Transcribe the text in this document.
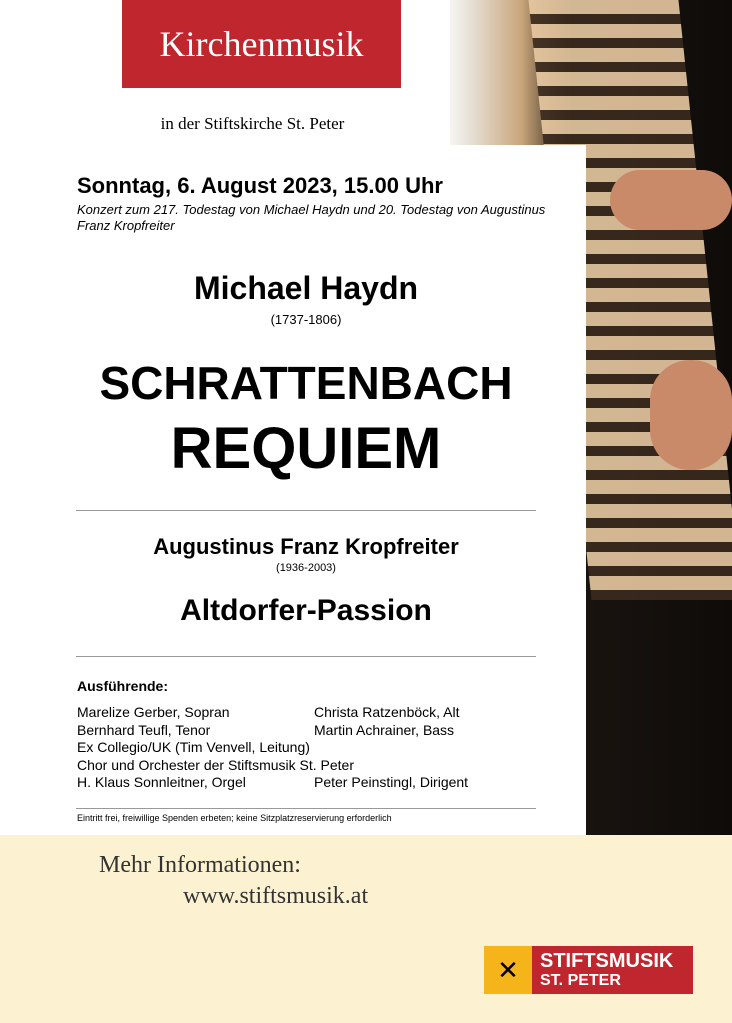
Kirchenmusik
in der Stiftskirche St. Peter
Sonntag, 6. August 2023, 15.00 Uhr
Konzert zum 217. Todestag von Michael Haydn und 20. Todestag von Augustinus Franz Kropfreiter
Michael Haydn
(1737-1806)
SCHRATTENBACH
REQUIEM
Augustinus Franz Kropfreiter
(1936-2003)
Altdorfer-Passion
Ausführende:
Marelize Gerber, Sopran	Christa Ratzenböck, Alt
Bernhard Teufl, Tenor	Martin Achrainer, Bass
Ex Collegio/UK (Tim Venvell, Leitung)
Chor und Orchester der Stiftsmusik St. Peter
H. Klaus Sonnleitner, Orgel	Peter Peinstingl, Dirigent
Eintritt frei, freiwillige Spenden erbeten; keine Sitzplatzreservierung erforderlich
Mehr Informationen:
www.stiftsmusik.at
✕	STIFTSMUSIK
ST. PETER
